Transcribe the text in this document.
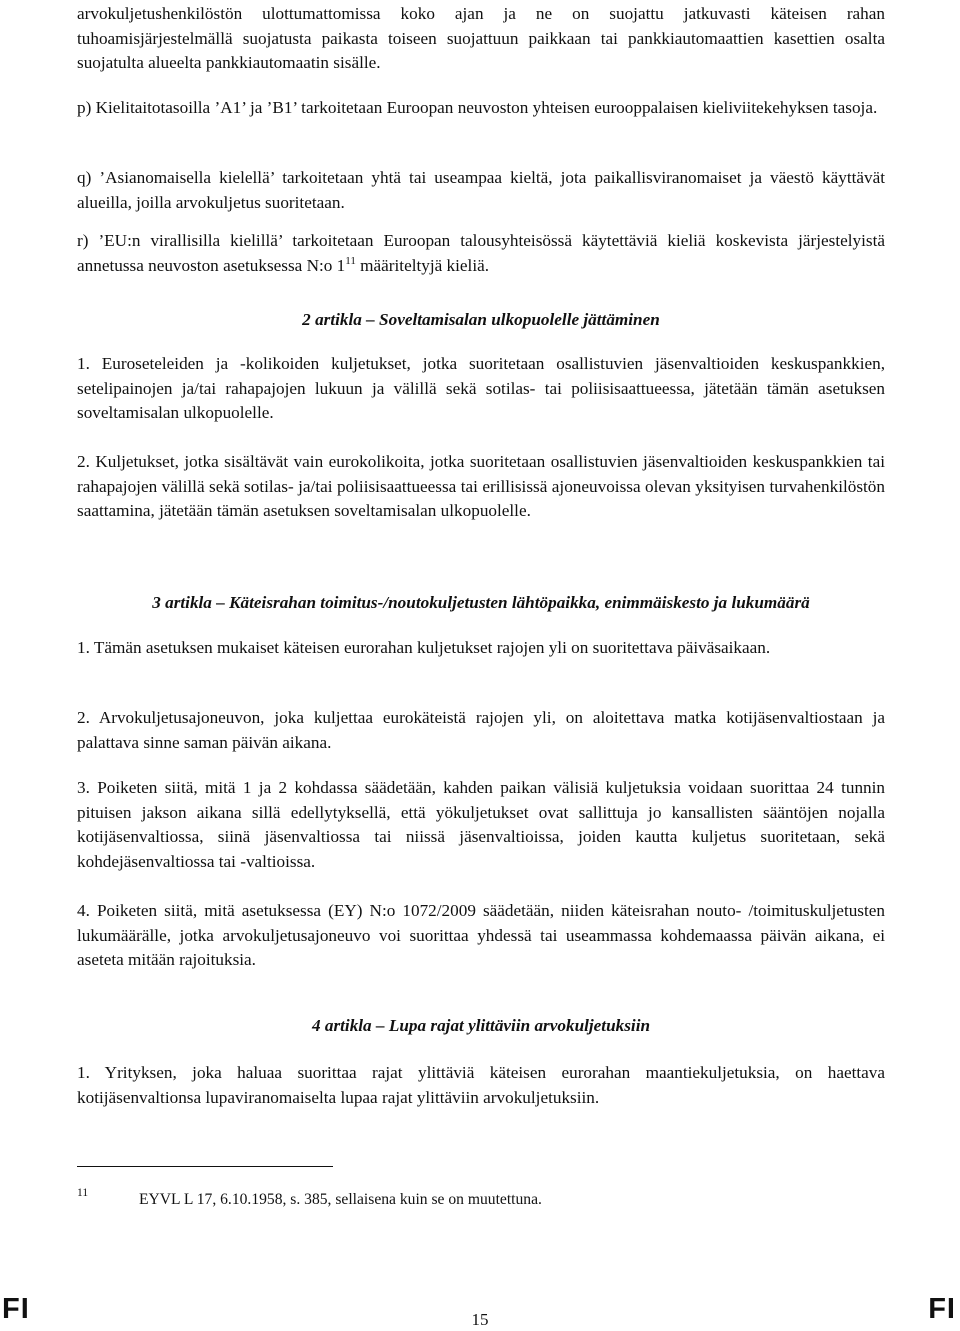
arvokuljetushenkilöstön ulottumattomissa koko ajan ja ne on suojattu jatkuvasti käteisen rahan tuhoamisjärjestelmällä suojatusta paikasta toiseen suojattuun paikkaan tai pankkiautomaattien kasettien osalta suojatulta alueelta pankkiautomaatin sisälle.

p) Kielitaitotasoilla ’A1’ ja ’B1’ tarkoitetaan Euroopan neuvoston yhteisen eurooppalaisen kieliviitekehyksen tasoja.

q) ’Asianomaisella kielellä’ tarkoitetaan yhtä tai useampaa kieltä, jota paikallisviranomaiset ja väestö käyttävät alueilla, joilla arvokuljetus suoritetaan.

r) ’EU:n virallisilla kielillä’ tarkoitetaan Euroopan talousyhteisössä käytettäviä kieliä koskevista järjestelyistä annetussa neuvoston asetuksessa N:o $1^{11}$ määriteltyjä kieliä.

2 artikla – Soveltamisalan ulkopuolelle jättäminen

1. Euroseteleiden ja -kolikoiden kuljetukset, jotka suoritetaan osallistuvien jäsenvaltioiden keskuspankkien, setelipainojen ja/tai rahapajojen lukuun ja välillä sekä sotilas- tai poliisisaattueessa, jätetään tämän asetuksen soveltamisalan ulkopuolelle.

2. Kuljetukset, jotka sisältävät vain eurokolikoita, jotka suoritetaan osallistuvien jäsenvaltioiden keskuspankkien tai rahapajojen välillä sekä sotilas- ja/tai poliisisaattueessa tai erillisissä ajoneuvoissa olevan yksityisen turvahenkilöstön saattamina, jätetään tämän asetuksen soveltamisalan ulkopuolelle.

3 artikla – Käteisrahan toimitus-/noutokuljetusten lähtöpaikka, enimmäiskesto ja lukumäärä

1. Tämän asetuksen mukaiset käteisen eurorahan kuljetukset rajojen yli on suoritettava päiväsaikaan.

2. Arvokuljetusajoneuvon, joka kuljettaa eurokäteistä rajojen yli, on aloitettava matka kotijäsenvaltiostaan ja palattava sinne saman päivän aikana.

3. Poiketen siitä, mitä 1 ja 2 kohdassa säädetään, kahden paikan välisiä kuljetuksia voidaan suorittaa 24 tunnin pituisen jakson aikana sillä edellytyksellä, että yökuljetukset ovat sallittuja jo kansallisten sääntöjen nojalla kotijäsenvaltiossa, siinä jäsenvaltiossa tai niissä jäsenvaltioissa, joiden kautta kuljetus suoritetaan, sekä kohdejäsenvaltiossa tai -valtioissa.

4. Poiketen siitä, mitä asetuksessa (EY) N:o 1072/2009 säädetään, niiden käteisrahan nouto- /toimituskuljetusten lukumäärälle, jotka arvokuljetusajoneuvo voi suorittaa yhdessä tai useammassa kohdemaassa päivän aikana, ei aseteta mitään rajoituksia.

4 artikla – Lupa rajat ylittäviin arvokuljetuksiin

1. Yrityksen, joka haluaa suorittaa rajat ylittäviä käteisen eurorahan maantiekuljetuksia, on haettava kotijäsenvaltionsa lupaviranomaiselta lupaa rajat ylittäviin arvokuljetuksiin.

11	EYVL L 17, 6.10.1958, s. 385, sellaisena kuin se on muutettuna.
FI	15	FI
